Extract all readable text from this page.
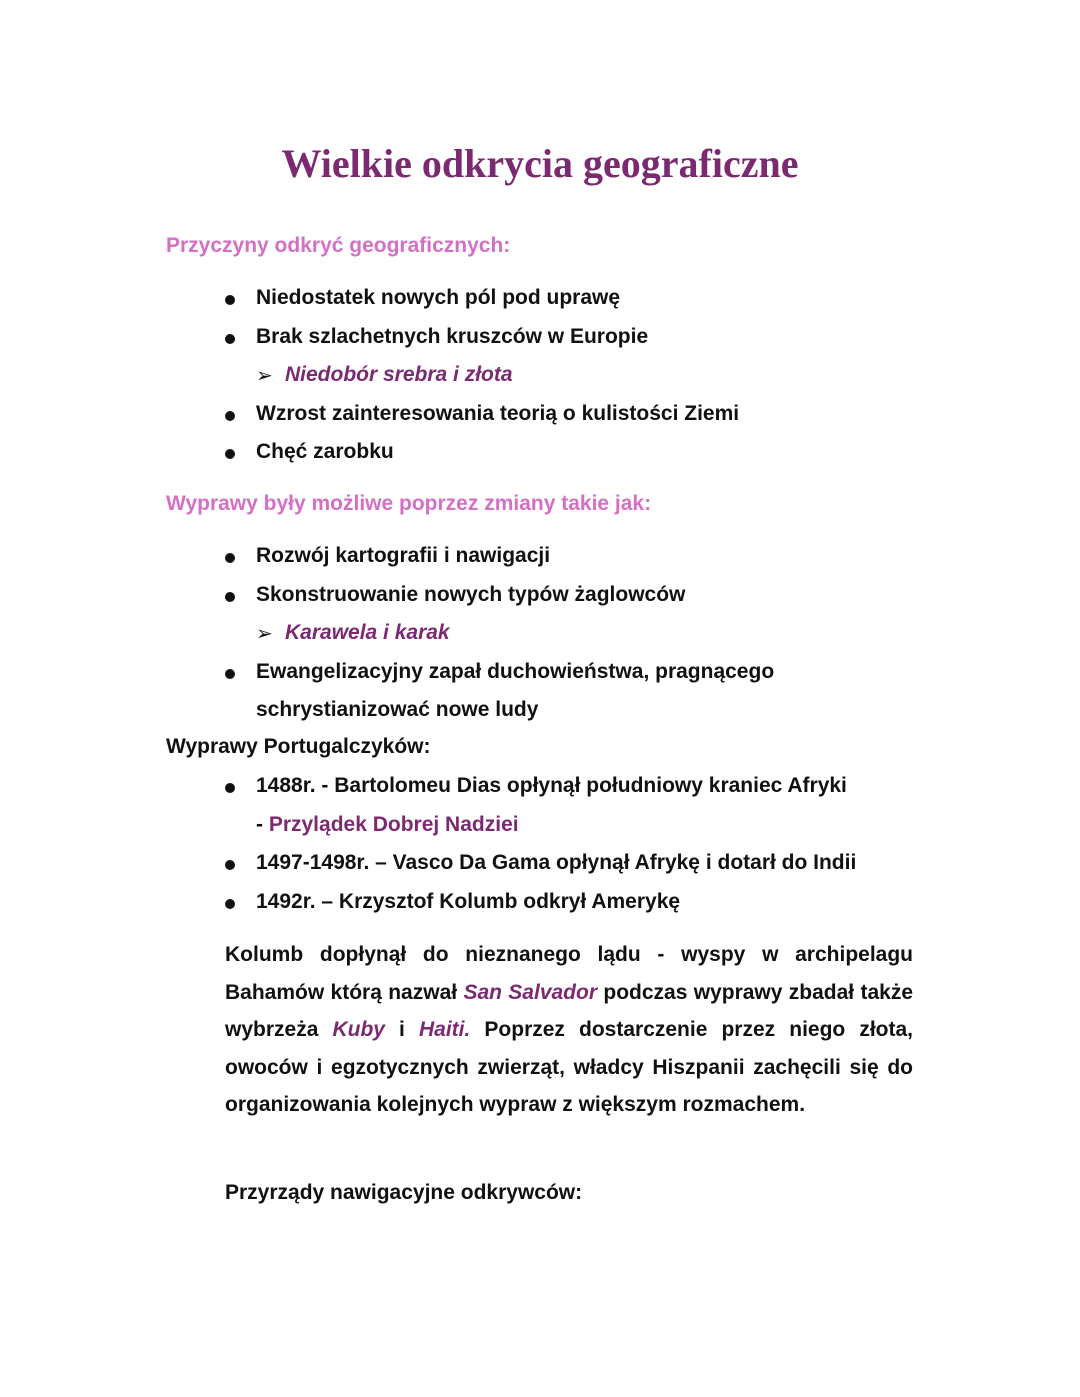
Wielkie odkrycia geograficzne

Przyczyny odkryć geograficznych:

Niedostatek nowych pól pod uprawę

Brak szlachetnych kruszców w Europie

➢ Niedobór srebra i złota

Wzrost zainteresowania teorią o kulistości Ziemi

Chęć zarobku

Wyprawy były możliwe poprzez zmiany takie jak:

Rozwój kartografii i nawigacji

Skonstruowanie nowych typów żaglowców

➢ Karawela i karak

Ewangelizacyjny zapał duchowieństwa, pragnącego

schrystianizować nowe ludy

Wyprawy Portugalczyków:

1488r. - Bartolomeu Dias opłynął południowy kraniec Afryki

- Przylądek Dobrej Nadziei

1497-1498r. – Vasco Da Gama opłynął Afrykę i dotarł do Indii

1492r. – Krzysztof Kolumb odkrył Amerykę

Kolumb dopłynął do nieznanego lądu - wyspy w archipelagu Bahamów którą nazwał San Salvador podczas wyprawy zbadał także wybrzeża Kuby i Haiti. Poprzez dostarczenie przez niego złota, owoców i egzotycznych zwierząt, władcy Hiszpanii zachęcili się do organizowania kolejnych wypraw z większym rozmachem.

Przyrządy nawigacyjne odkrywców:
